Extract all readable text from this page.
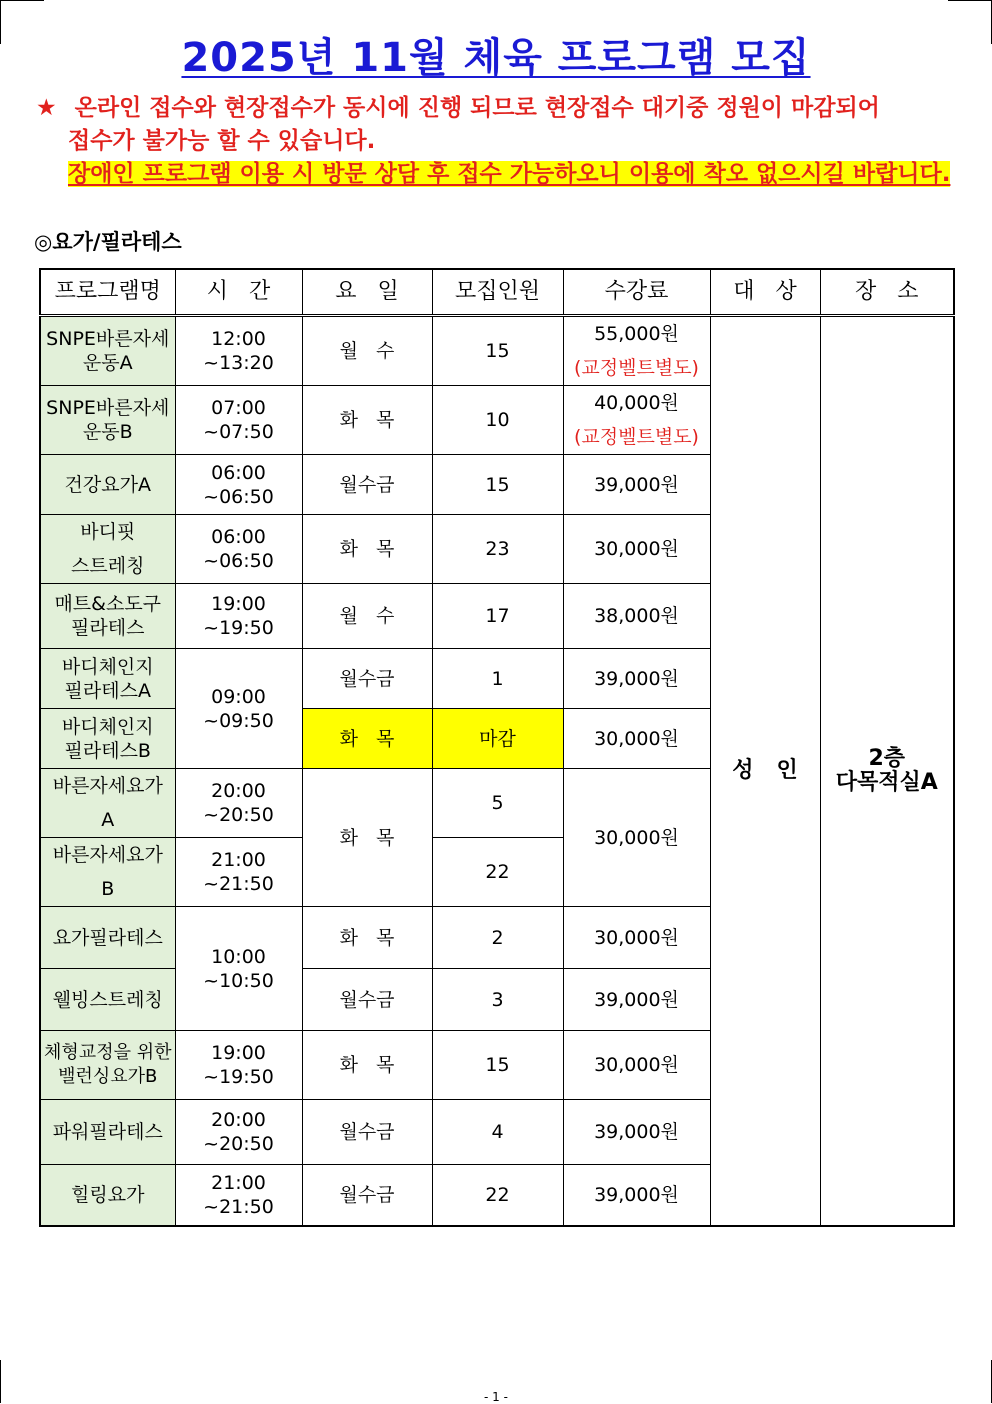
2025년 11월 체육 프로그램 모집
★ 온라인 접수와 현장접수가 동시에 진행 되므로 현장접수 대기중 정원이 마감되어
접수가 불가능 할 수 있습니다.
장애인 프로그램 이용 시 방문 상담 후 접수 가능하오니 이용에 착오 없으시길 바랍니다.
◎요가/필라테스
프로그램명	시   간	요   일	모집인원	수강료	대   상	장   소
SNPE바른자세
운동A	12:00
~13:20	월   수	15	55,000원
(교정벨트별도)	성   인	2층
다목적실A
SNPE바른자세
운동B	07:00
~07:50	화   목	10	40,000원
(교정벨트별도)		
건강요가A	06:00
~06:50	월수금	15	39,000원		
바디핏
스트레칭	06:00
~06:50	화   목	23	30,000원		
매트&소도구
필라테스	19:00
~19:50	월   수	17	38,000원		
바디체인지
필라테스A	09:00
~09:50	월수금	1	39,000원		
바디체인지
필라테스B		화   목	마감	30,000원		
바른자세요가
A	20:00
~20:50	화   목	5	30,000원		
바른자세요가
B	21:00
~21:50		22			
요가필라테스	10:00
~10:50	화   목	2	30,000원		
웰빙스트레칭		월수금	3	39,000원		
체형교정을 위한
밸런싱요가B	19:00
~19:50	화   목	15	30,000원		
파워필라테스	20:00
~20:50	월수금	4	39,000원		
힐링요가	21:00
~21:50	월수금	22	39,000원		
- 1 -
